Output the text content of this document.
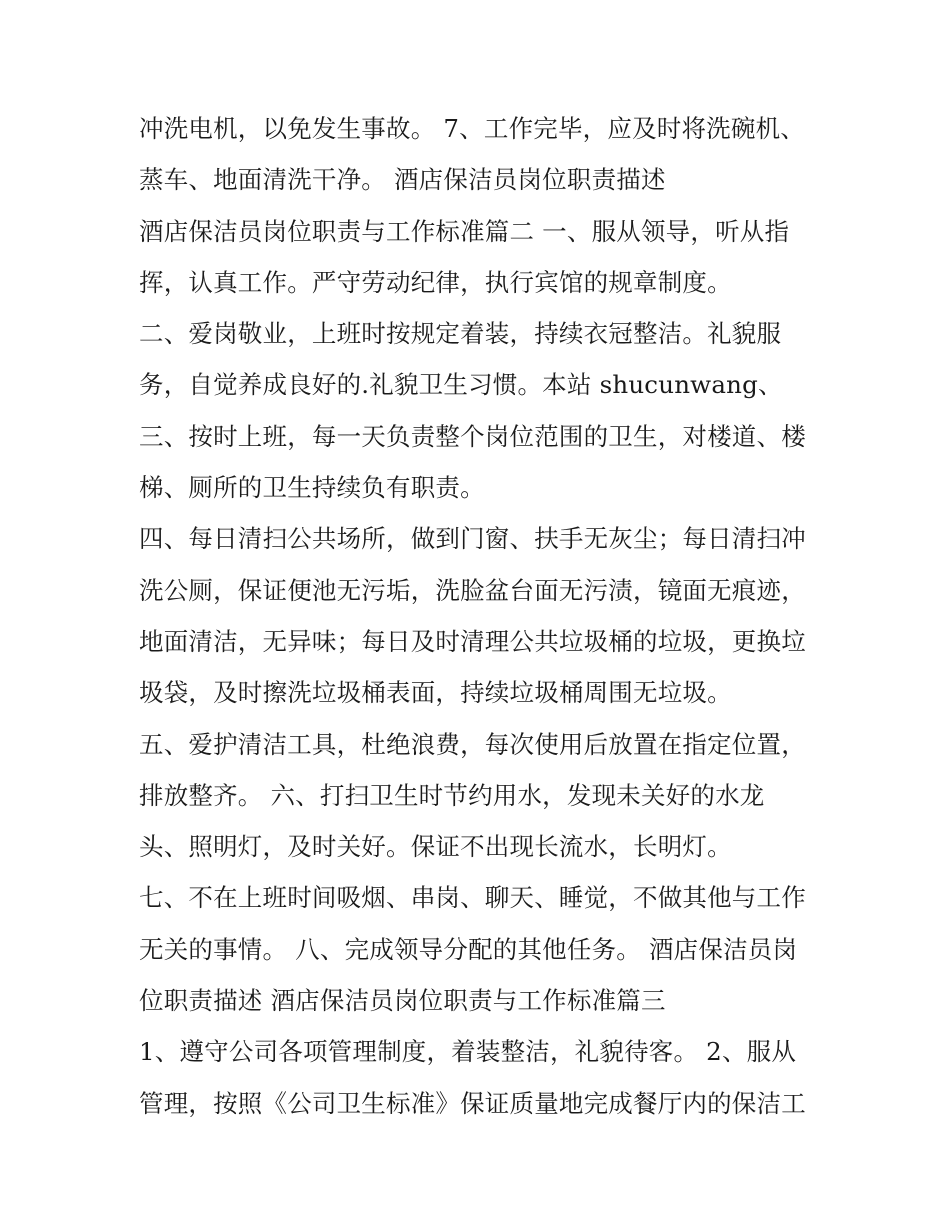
冲洗电机，以免发生事故。 7、工作完毕，应及时将洗碗机、
蒸车、地面清洗干净。 酒店保洁员岗位职责描述
酒店保洁员岗位职责与工作标准篇二 一、服从领导，听从指
挥，认真工作。严守劳动纪律，执行宾馆的规章制度。
二、爱岗敬业，上班时按规定着装，持续衣冠整洁。礼貌服
务，自觉养成良好的.礼貌卫生习惯。本站 shucunwang、
三、按时上班，每一天负责整个岗位范围的卫生，对楼道、楼
梯、厕所的卫生持续负有职责。
四、每日清扫公共场所，做到门窗、扶手无灰尘；每日清扫冲
洗公厕，保证便池无污垢，洗脸盆台面无污渍，镜面无痕迹，
地面清洁，无异味；每日及时清理公共垃圾桶的垃圾，更换垃
圾袋，及时擦洗垃圾桶表面，持续垃圾桶周围无垃圾。
五、爱护清洁工具，杜绝浪费，每次使用后放置在指定位置，
排放整齐。 六、打扫卫生时节约用水，发现未关好的水龙
头、照明灯，及时关好。保证不出现长流水，长明灯。
七、不在上班时间吸烟、串岗、聊天、睡觉，不做其他与工作
无关的事情。 八、完成领导分配的其他任务。 酒店保洁员岗
位职责描述 酒店保洁员岗位职责与工作标准篇三
1、遵守公司各项管理制度，着装整洁，礼貌待客。 2、服从
管理，按照《公司卫生标准》保证质量地完成餐厅内的保洁工
